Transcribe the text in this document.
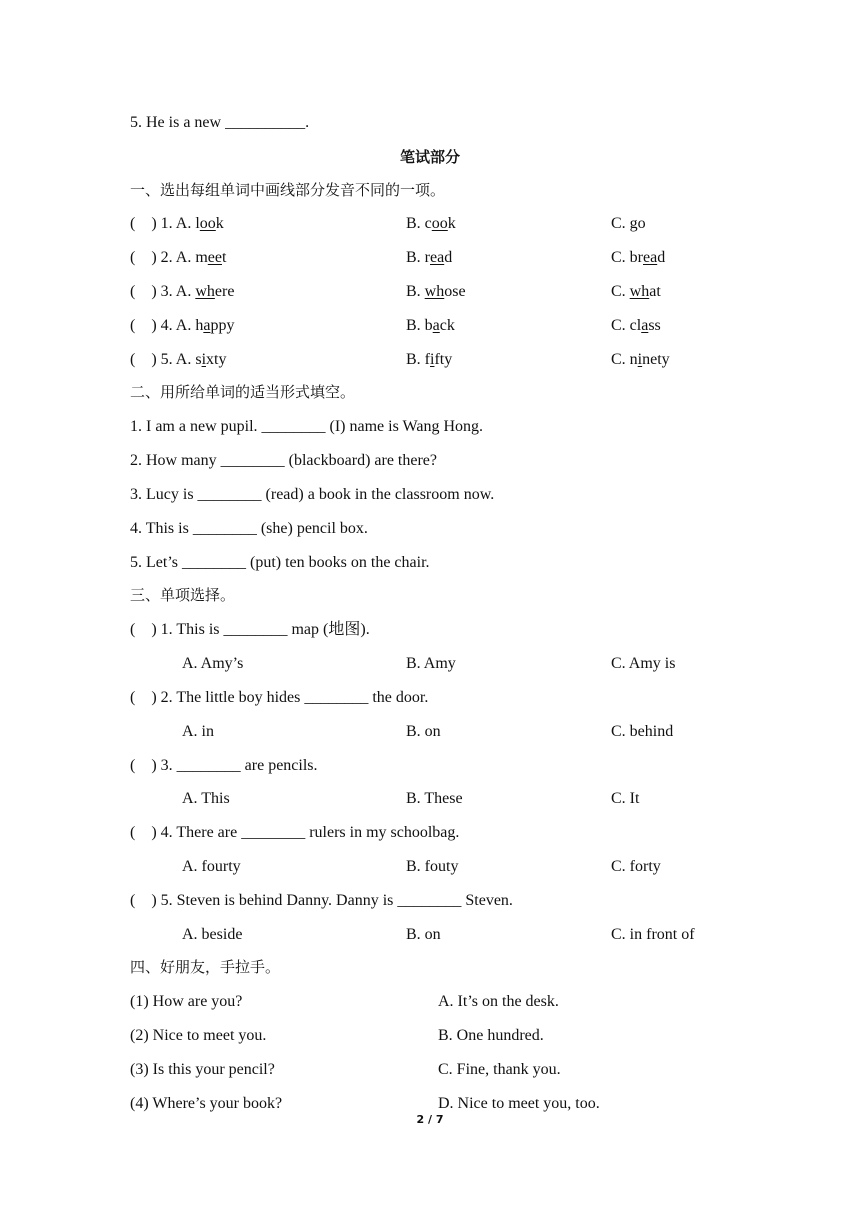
5. He is a new __________.
笔试部分
一、选出每组单词中画线部分发音不同的一项。
(    ) 1. A. look	B. cook	C. go
(    ) 2. A. meet	B. read	C. bread
(    ) 3. A. where	B. whose	C. what
(    ) 4. A. happy	B. back	C. class
(    ) 5. A. sixty	B. fifty	C. ninety
二、用所给单词的适当形式填空。
1. I am a new pupil. ________ (I) name is Wang Hong.
2. How many ________ (blackboard) are there?
3. Lucy is ________ (read) a book in the classroom now.
4. This is ________ (she) pencil box.
5. Let’s ________ (put) ten books on the chair.
三、单项选择。
(    ) 1. This is ________ map (地图).
A. Amy’s	B. Amy	C. Amy is
(    ) 2. The little boy hides ________ the door.
A. in	B. on	C. behind
(    ) 3. ________ are pencils.
A. This	B. These	C. It
(    ) 4. There are ________ rulers in my schoolbag.
A. fourty	B. fouty	C. forty
(    ) 5. Steven is behind Danny. Danny is ________ Steven.
A. beside	B. on	C. in front of
四、好朋友，手拉手。
(1) How are you?	A. It’s on the desk.
(2) Nice to meet you.	B. One hundred.
(3) Is this your pencil?	C. Fine, thank you.
(4) Where’s your book?	D. Nice to meet you, too.
2 / 7
